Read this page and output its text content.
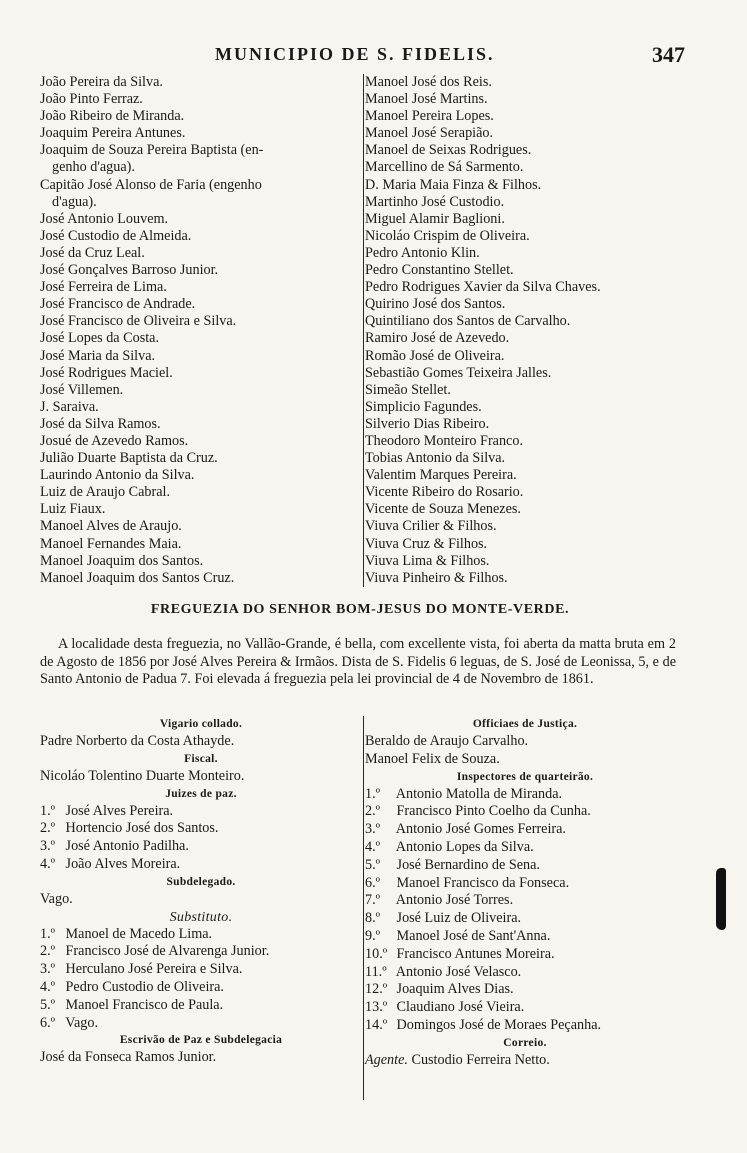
MUNICIPIO DE S. FIDELIS.	347
João Pereira da Silva.
João Pinto Ferraz.
João Ribeiro de Miranda.
Joaquim Pereira Antunes.
Joaquim de Souza Pereira Baptista (en-
genho d'agua).
Capitão José Alonso de Faria (engenho
d'agua).
José Antonio Louvem.
José Custodio de Almeida.
José da Cruz Leal.
José Gonçalves Barroso Junior.
José Ferreira de Lima.
José Francisco de Andrade.
José Francisco de Oliveira e Silva.
José Lopes da Costa.
José Maria da Silva.
José Rodrigues Maciel.
José Villemen.
J. Saraiva.
José da Silva Ramos.
Josué de Azevedo Ramos.
Julião Duarte Baptista da Cruz.
Laurindo Antonio da Silva.
Luiz de Araujo Cabral.
Luiz Fiaux.
Manoel Alves de Araujo.
Manoel Fernandes Maia.
Manoel Joaquim dos Santos.
Manoel Joaquim dos Santos Cruz.
Manoel José dos Reis.
Manoel José Martins.
Manoel Pereira Lopes.
Manoel José Serapião.
Manoel de Seixas Rodrigues.
Marcellino de Sá Sarmento.
D. Maria Maia Finza & Filhos.
Martinho José Custodio.
Miguel Alamir Baglioni.
Nicoláo Crispim de Oliveira.
Pedro Antonio Klin.
Pedro Constantino Stellet.
Pedro Rodrigues Xavier da Silva Chaves.
Quirino José dos Santos.
Quintiliano dos Santos de Carvalho.
Ramiro José de Azevedo.
Romão José de Oliveira.
Sebastião Gomes Teixeira Jalles.
Simeão Stellet.
Simplicio Fagundes.
Silverio Dias Ribeiro.
Theodoro Monteiro Franco.
Tobias Antonio da Silva.
Valentim Marques Pereira.
Vicente Ribeiro do Rosario.
Vicente de Souza Menezes.
Viuva Crilier & Filhos.
Viuva Cruz & Filhos.
Viuva Lima & Filhos.
Viuva Pinheiro & Filhos.
FREGUEZIA DO SENHOR BOM-JESUS DO MONTE-VERDE.
A localidade desta freguezia, no Vallão-Grande, é bella, com excellente vista, foi aberta da matta bruta em 2 de Agosto de 1856 por José Alves Pereira & Irmãos. Dista de S. Fidelis 6 leguas, de S. José de Leonissa, 5, e de Santo Antonio de Padua 7. Foi elevada á freguezia pela lei provincial de 4 de Novembro de 1861.
Vigario collado.
Padre Norberto da Costa Athayde.
Fiscal.
Nicoláo Tolentino Duarte Monteiro.
Juizes de paz.
1.º José Alves Pereira.
2.º Hortencio José dos Santos.
3.º José Antonio Padilha.
4.º João Alves Moreira.
Subdelegado.
Vago.
Substituto.
1.º Manoel de Macedo Lima.
2.º Francisco José de Alvarenga Junior.
3.º Herculano José Pereira e Silva.
4.º Pedro Custodio de Oliveira.
5.º Manoel Francisco de Paula.
6.º Vago.
Escrivão de Paz e Subdelegacia
José da Fonseca Ramos Junior.
Officiaes de Justiça.
Beraldo de Araujo Carvalho.
Manoel Felix de Souza.
Inspectores de quarteirão.
1.º Antonio Matolla de Miranda.
2.º Francisco Pinto Coelho da Cunha.
3.º Antonio José Gomes Ferreira.
4.º Antonio Lopes da Silva.
5.º José Bernardino de Sena.
6.º Manoel Francisco da Fonseca.
7.º Antonio José Torres.
8.º José Luiz de Oliveira.
9.º Manoel José de Sant'Anna.
10.º Francisco Antunes Moreira.
11.º Antonio José Velasco.
12.º Joaquim Alves Dias.
13.º Claudiano José Vieira.
14.º Domingos José de Moraes Peçanha.
Correio.
Agente. Custodio Ferreira Netto.
